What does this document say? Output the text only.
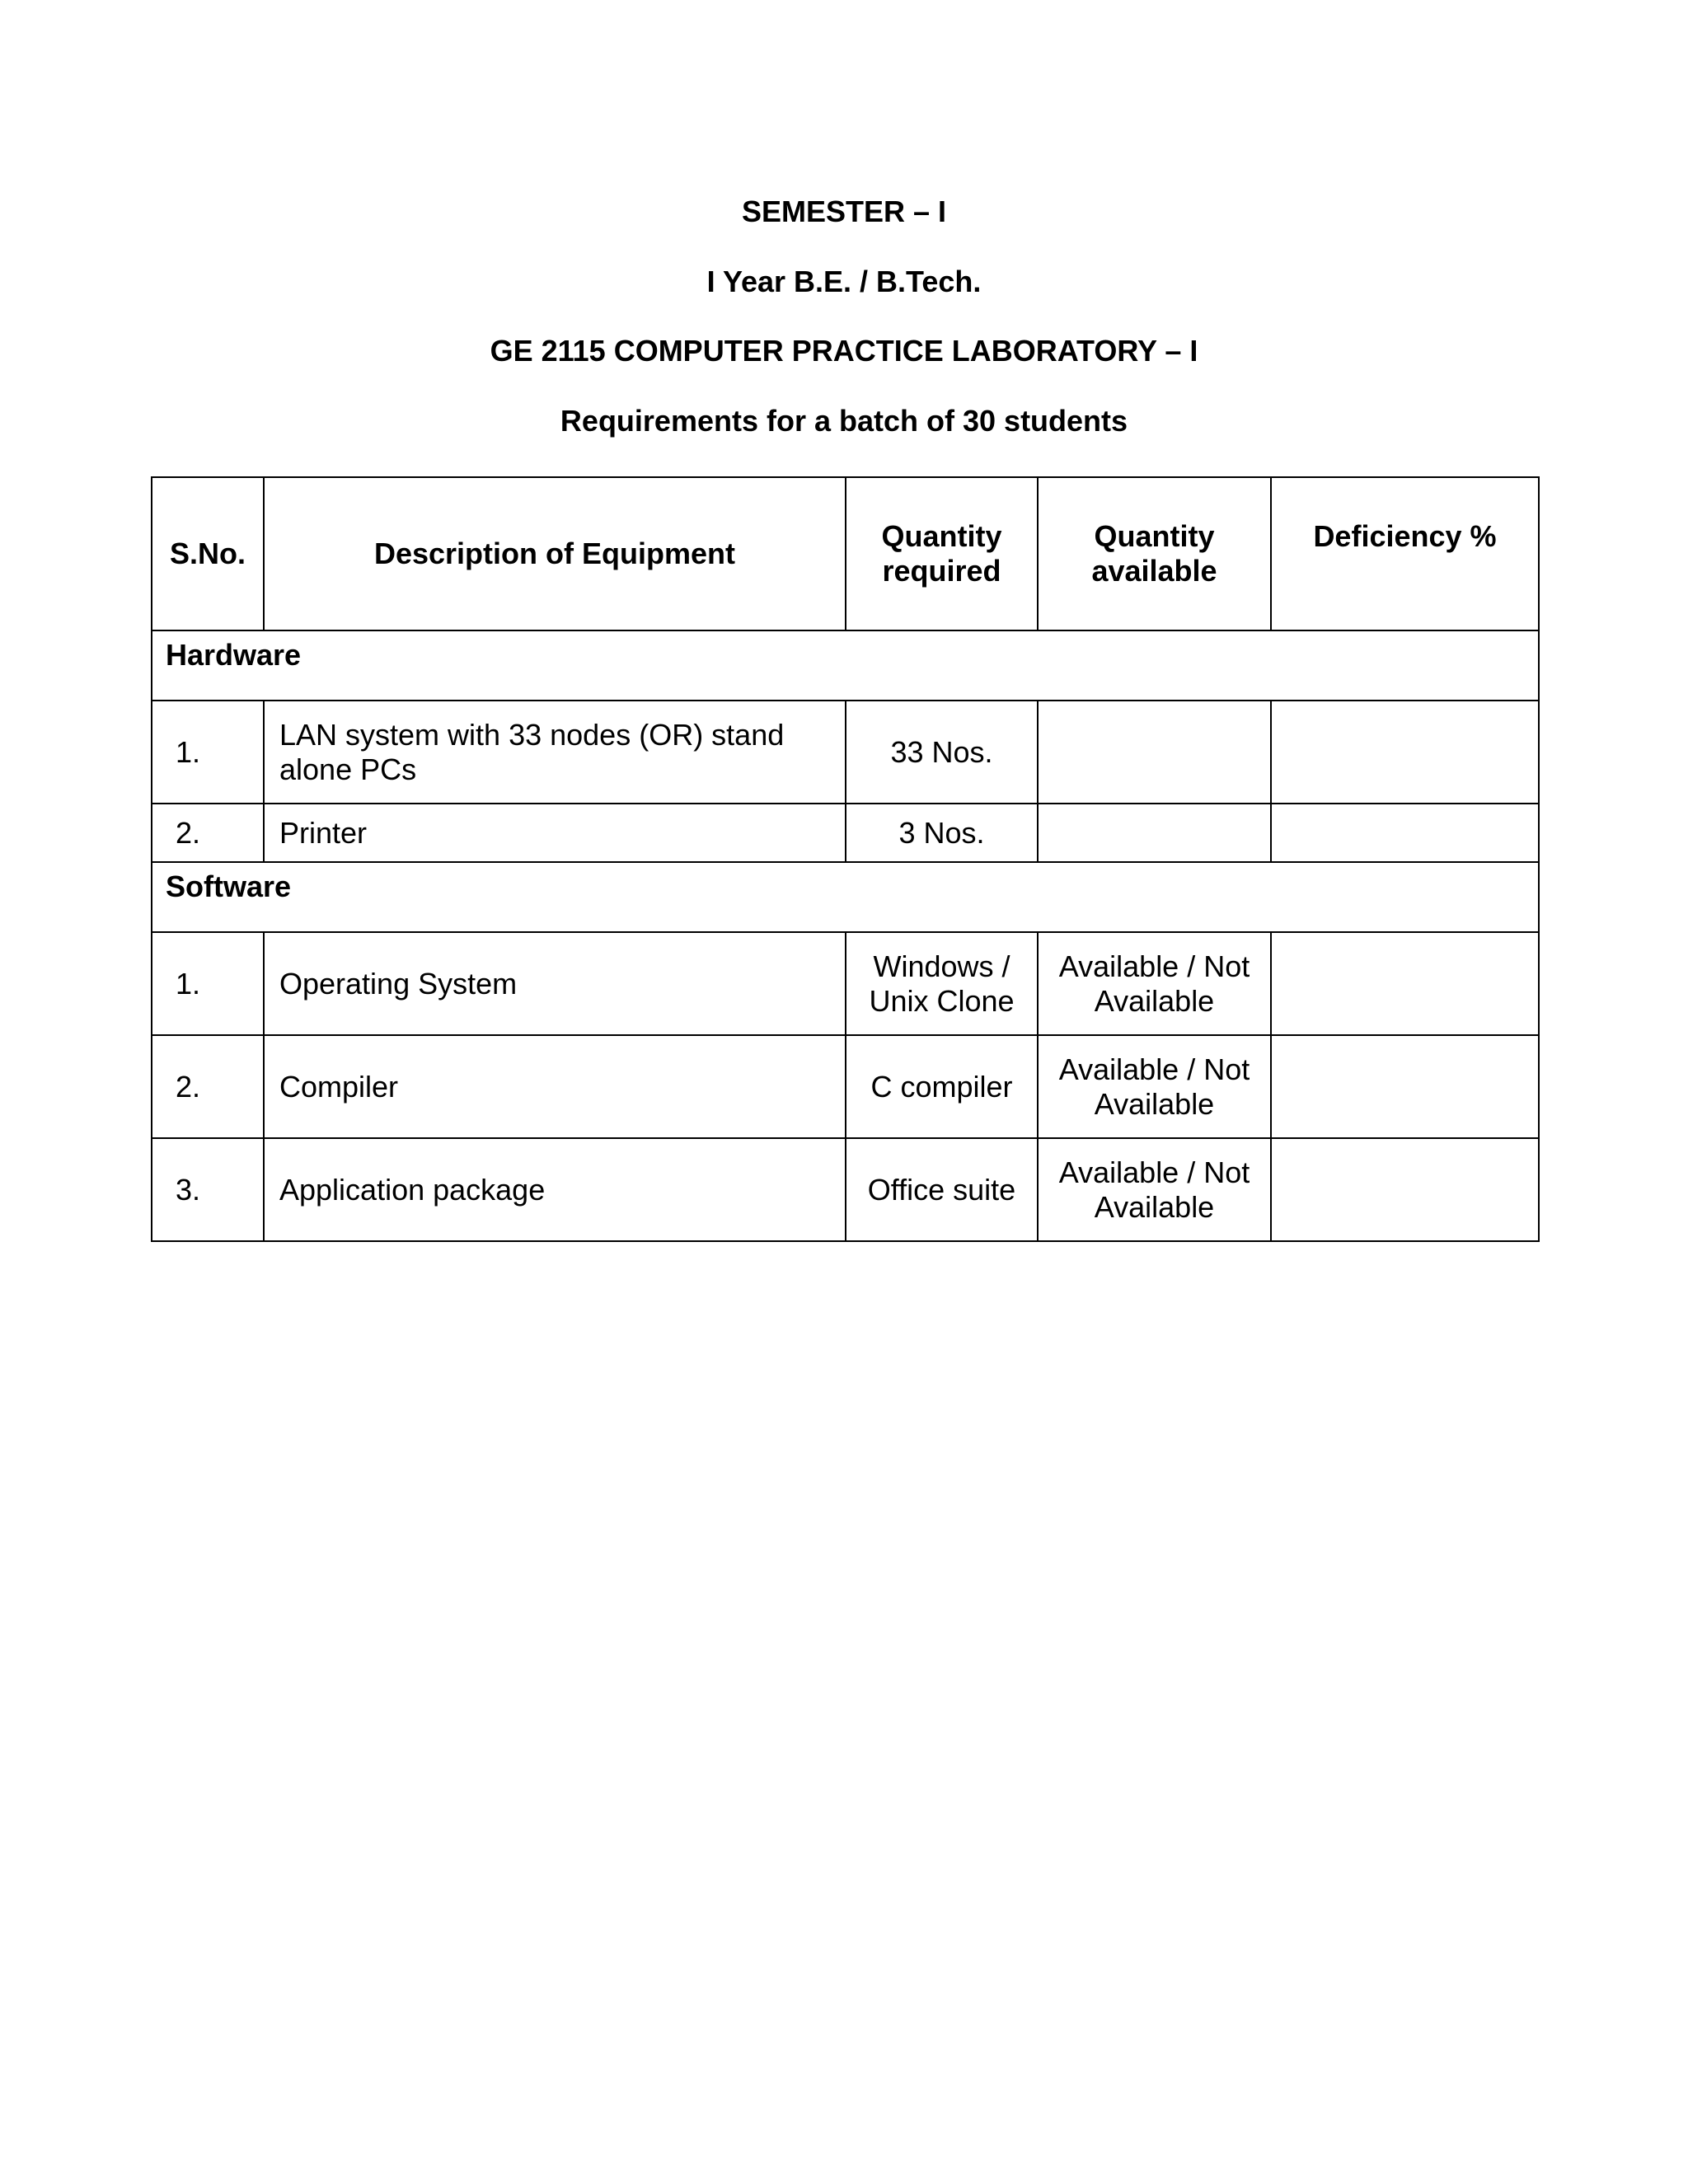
SEMESTER – I
I Year B.E. / B.Tech.
GE 2115 COMPUTER PRACTICE LABORATORY – I
Requirements for a batch of 30 students
S.No.	Description of Equipment	Quantity required	Quantity available	Deficiency %
Hardware				
1.	LAN system with 33 nodes (OR) stand alone PCs	33 Nos.		
2.	Printer	3 Nos.		
Software				
1.	Operating System	Windows / Unix Clone	Available / Not Available	
2.	Compiler	C compiler	Available / Not Available	
3.	Application package	Office suite	Available / Not Available	
